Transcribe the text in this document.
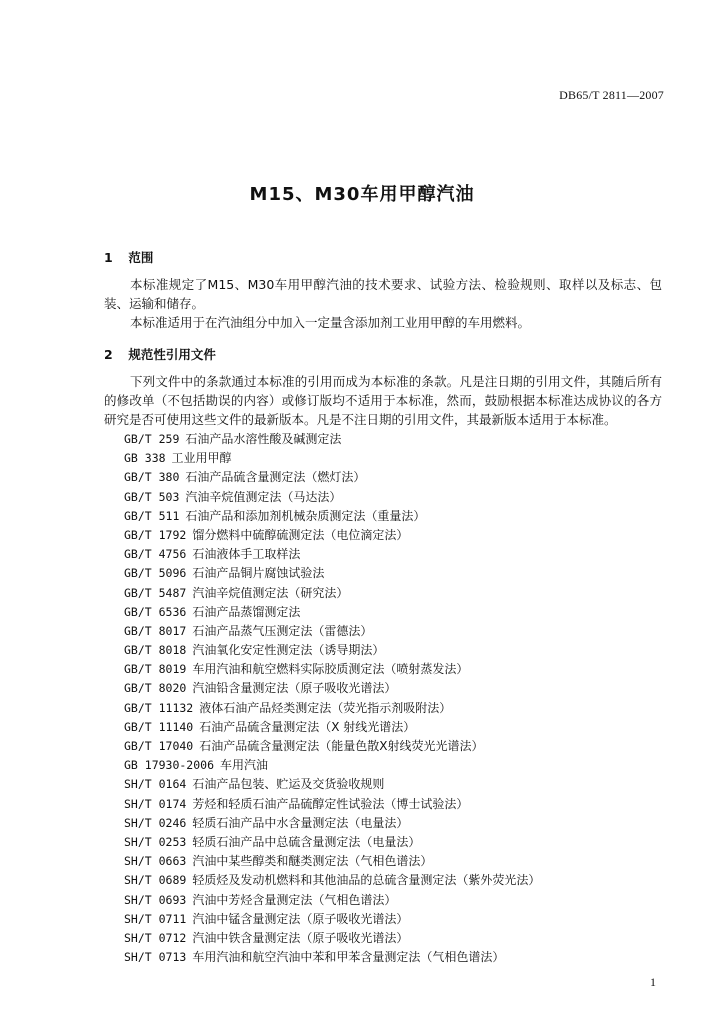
DB65/T 2811—2007
M15、M30车用甲醇汽油
1 范围

本标准规定了M15、M30车用甲醇汽油的技术要求、试验方法、检验规则、取样以及标志、包装、运输和储存。

本标准适用于在汽油组分中加入一定量含添加剂工业用甲醇的车用燃料。

2 规范性引用文件

下列文件中的条款通过本标准的引用而成为本标准的条款。凡是注日期的引用文件，其随后所有的修改单（不包括勘误的内容）或修订版均不适用于本标准，然而，鼓励根据本标准达成协议的各方研究是否可使用这些文件的最新版本。凡是不注日期的引用文件，其最新版本适用于本标准。

GB/T 259 石油产品水溶性酸及碱测定法
GB 338 工业用甲醇
GB/T 380 石油产品硫含量测定法（燃灯法）
GB/T 503 汽油辛烷值测定法（马达法）
GB/T 511 石油产品和添加剂机械杂质测定法（重量法）
GB/T 1792 馏分燃料中硫醇硫测定法（电位滴定法）
GB/T 4756 石油液体手工取样法
GB/T 5096 石油产品铜片腐蚀试验法
GB/T 5487 汽油辛烷值测定法（研究法）
GB/T 6536 石油产品蒸馏测定法
GB/T 8017 石油产品蒸气压测定法（雷德法）
GB/T 8018 汽油氧化安定性测定法（诱导期法）
GB/T 8019 车用汽油和航空燃料实际胶质测定法（喷射蒸发法）
GB/T 8020 汽油铅含量测定法（原子吸收光谱法）
GB/T 11132 液体石油产品烃类测定法（荧光指示剂吸附法）
GB/T 11140 石油产品硫含量测定法（X 射线光谱法）
GB/T 17040 石油产品硫含量测定法（能量色散X射线荧光光谱法）
GB 17930-2006 车用汽油
SH/T 0164 石油产品包装、贮运及交货验收规则
SH/T 0174 芳烃和轻质石油产品硫醇定性试验法（博士试验法）
SH/T 0246 轻质石油产品中水含量测定法（电量法）
SH/T 0253 轻质石油产品中总硫含量测定法（电量法）
SH/T 0663 汽油中某些醇类和醚类测定法（气相色谱法）
SH/T 0689 轻质烃及发动机燃料和其他油品的总硫含量测定法（紫外荧光法）
SH/T 0693 汽油中芳烃含量测定法（气相色谱法）
SH/T 0711 汽油中锰含量测定法（原子吸收光谱法）
SH/T 0712 汽油中铁含量测定法（原子吸收光谱法）
SH/T 0713 车用汽油和航空汽油中苯和甲苯含量测定法（气相色谱法）
1
